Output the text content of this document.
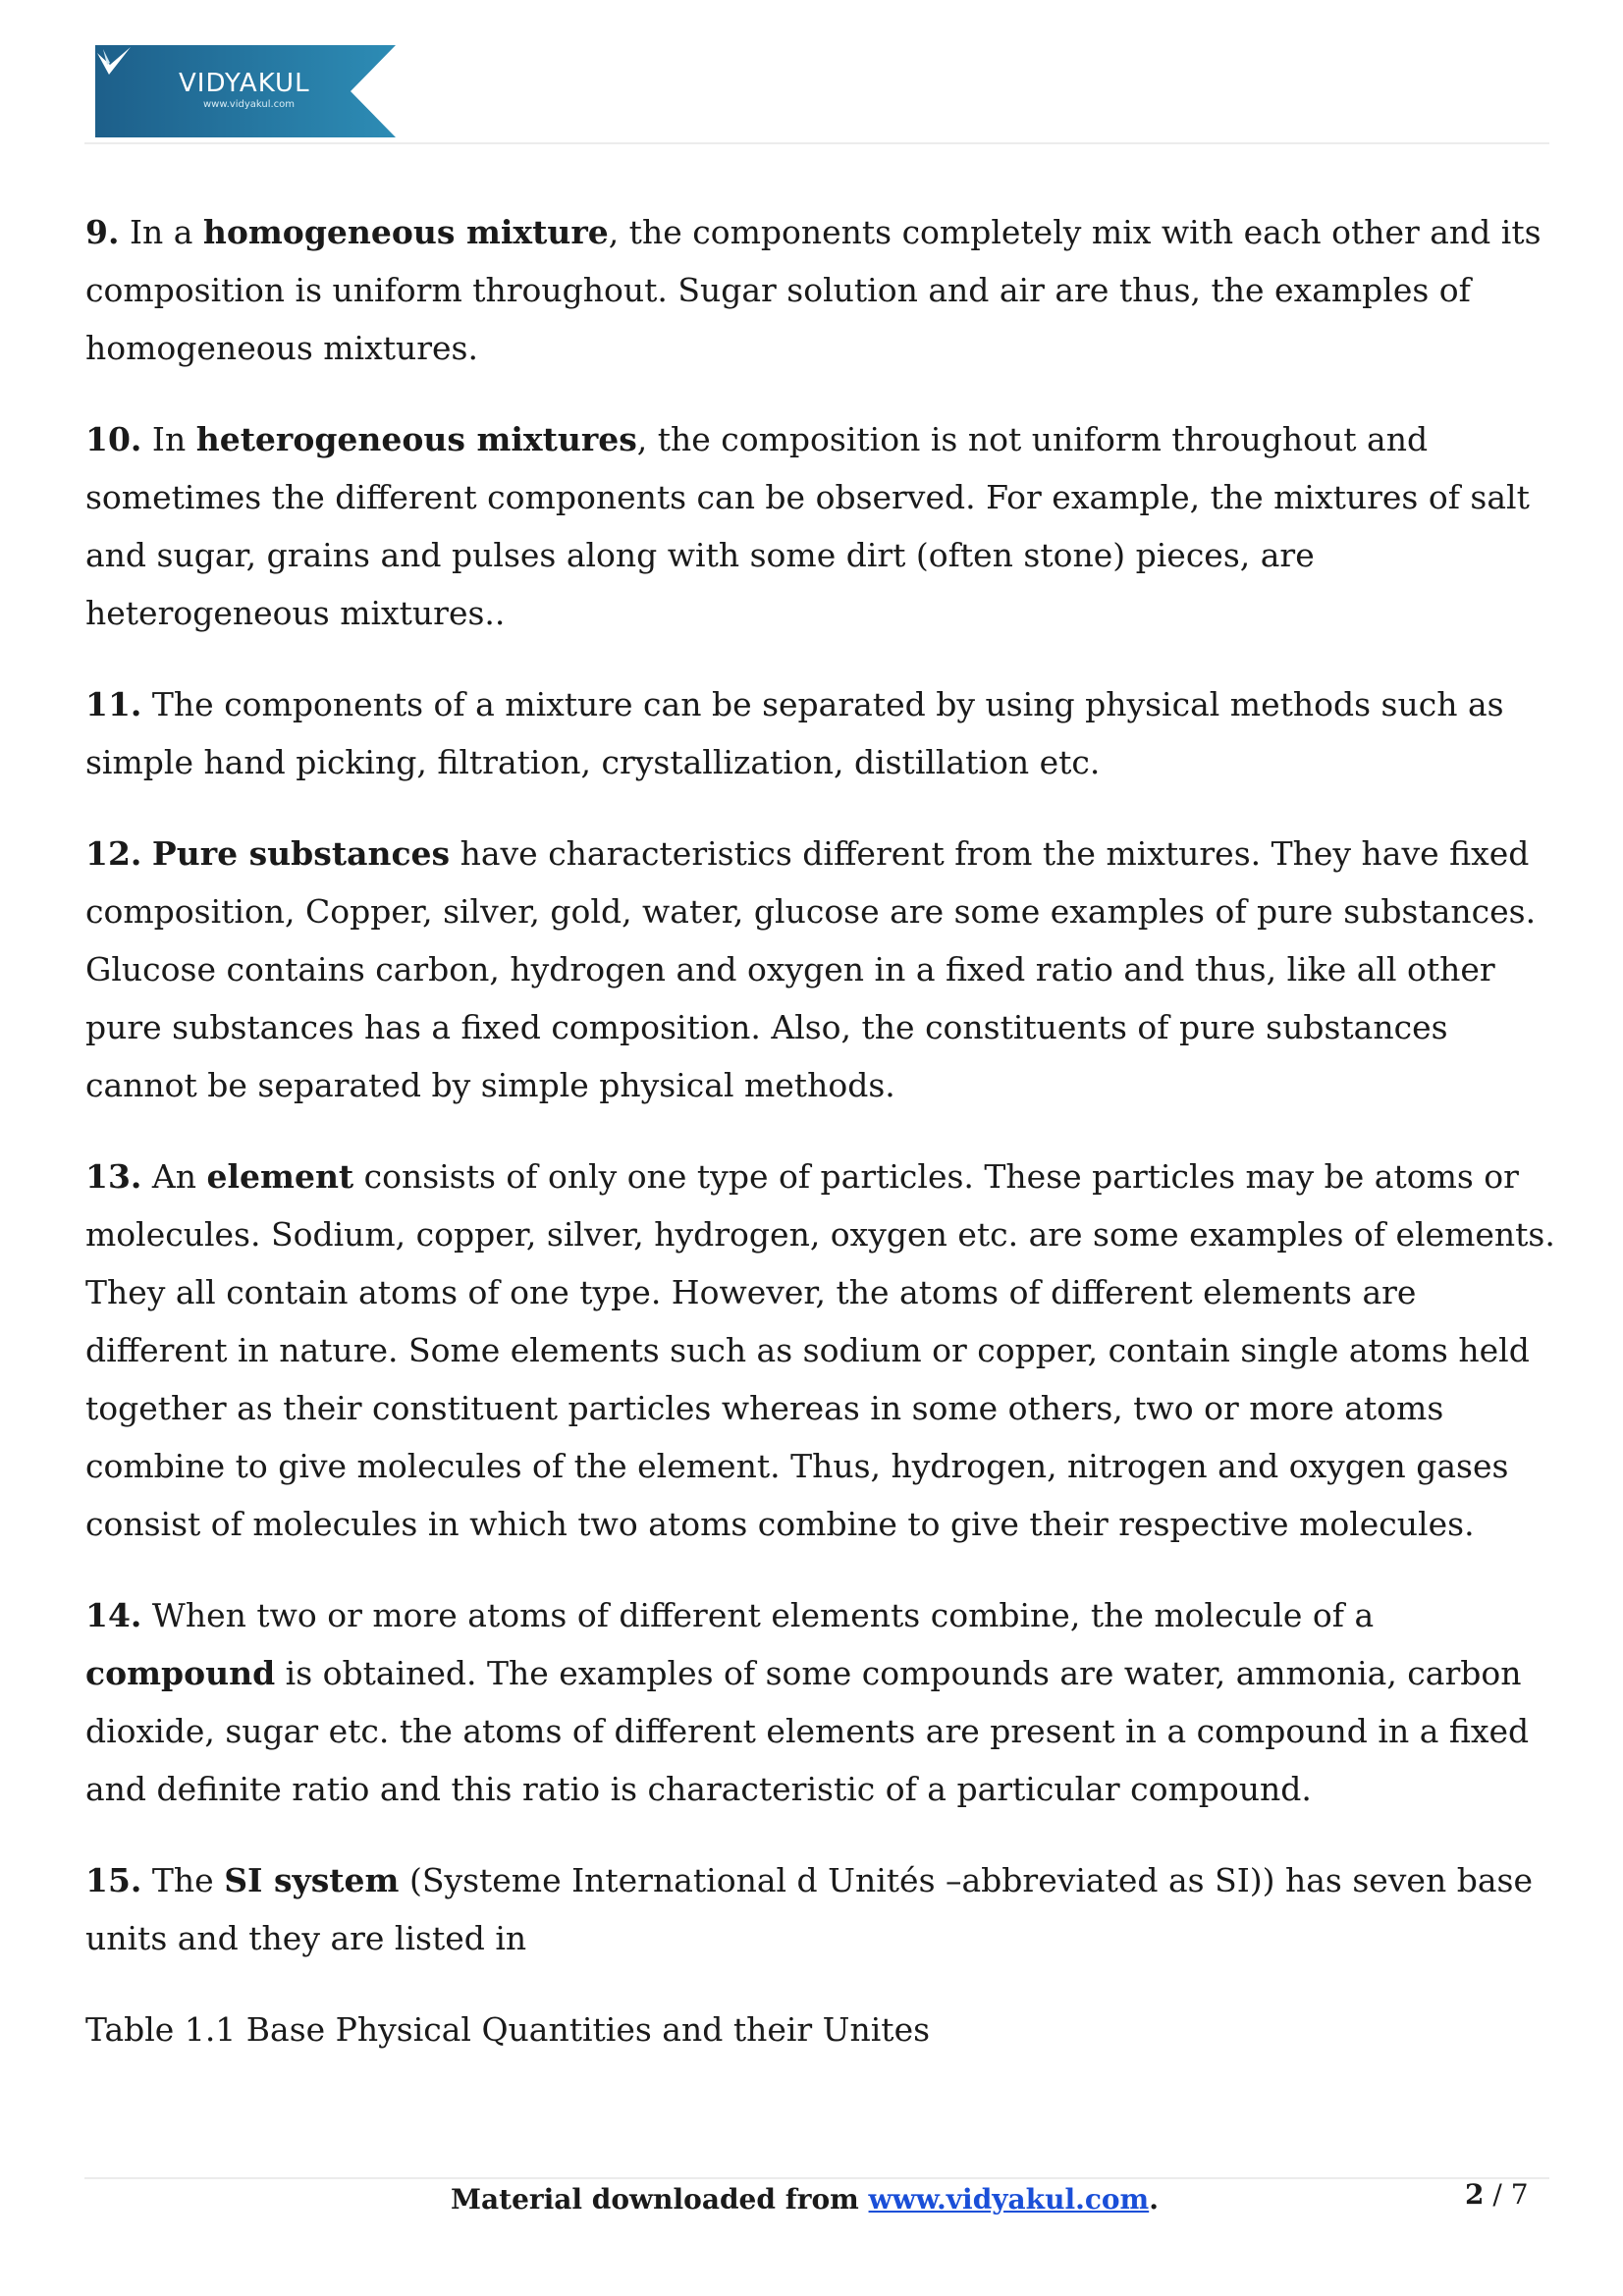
VIDYAKUL
www.vidyakul.com

9. In a homogeneous mixture, the components completely mix with each other and its composition is uniform throughout. Sugar solution and air are thus, the examples of homogeneous mixtures.

10. In heterogeneous mixtures, the composition is not uniform throughout and sometimes the different components can be observed. For example, the mixtures of salt and sugar, grains and pulses along with some dirt (often stone) pieces, are heterogeneous mixtures..

11. The components of a mixture can be separated by using physical methods such as simple hand picking, filtration, crystallization, distillation etc.

12. Pure substances have characteristics different from the mixtures. They have fixed composition, Copper, silver, gold, water, glucose are some examples of pure substances. Glucose contains carbon, hydrogen and oxygen in a fixed ratio and thus, like all other pure substances has a fixed composition. Also, the constituents of pure substances cannot be separated by simple physical methods.

13. An element consists of only one type of particles. These particles may be atoms or molecules. Sodium, copper, silver, hydrogen, oxygen etc. are some examples of elements. They all contain atoms of one type. However, the atoms of different elements are different in nature. Some elements such as sodium or copper, contain single atoms held together as their constituent particles whereas in some others, two or more atoms combine to give molecules of the element. Thus, hydrogen, nitrogen and oxygen gases consist of molecules in which two atoms combine to give their respective molecules.

14. When two or more atoms of different elements combine, the molecule of a compound is obtained. The examples of some compounds are water, ammonia, carbon dioxide, sugar etc. the atoms of different elements are present in a compound in a fixed and definite ratio and this ratio is characteristic of a particular compound.

15. The SI system (Systeme International d Unités –abbreviated as SI)) has seven base units and they are listed in

Table 1.1 Base Physical Quantities and their Unites

Material downloaded from www.vidyakul.com.	2 / 7
